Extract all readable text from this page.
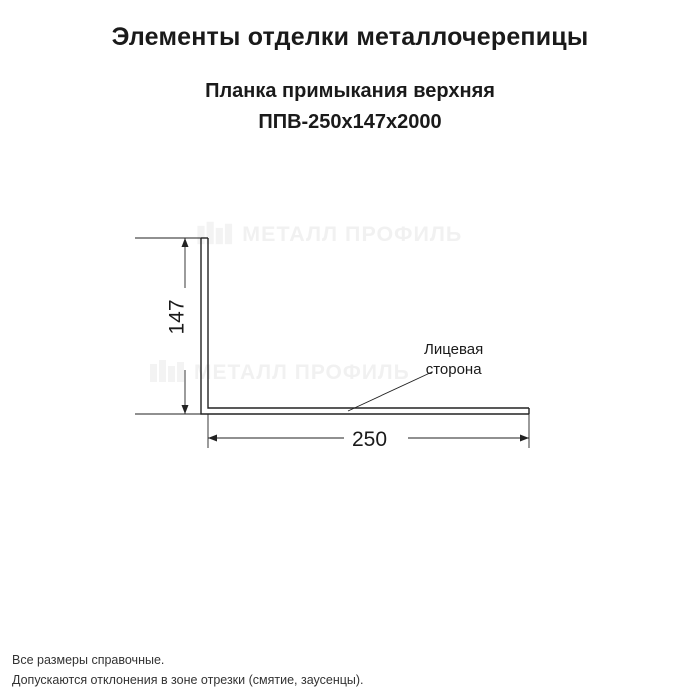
Элементы отделки металлочерепицы
Планка примыкания верхняя
ППВ-250х147х2000
МЕТАЛЛ ПРОФИЛЬ
МЕТАЛЛ ПРОФИЛЬ
147
250
Лицевая
сторона
Все размеры справочные.
Допускаются отклонения в зоне отрезки (смятие, заусенцы).
